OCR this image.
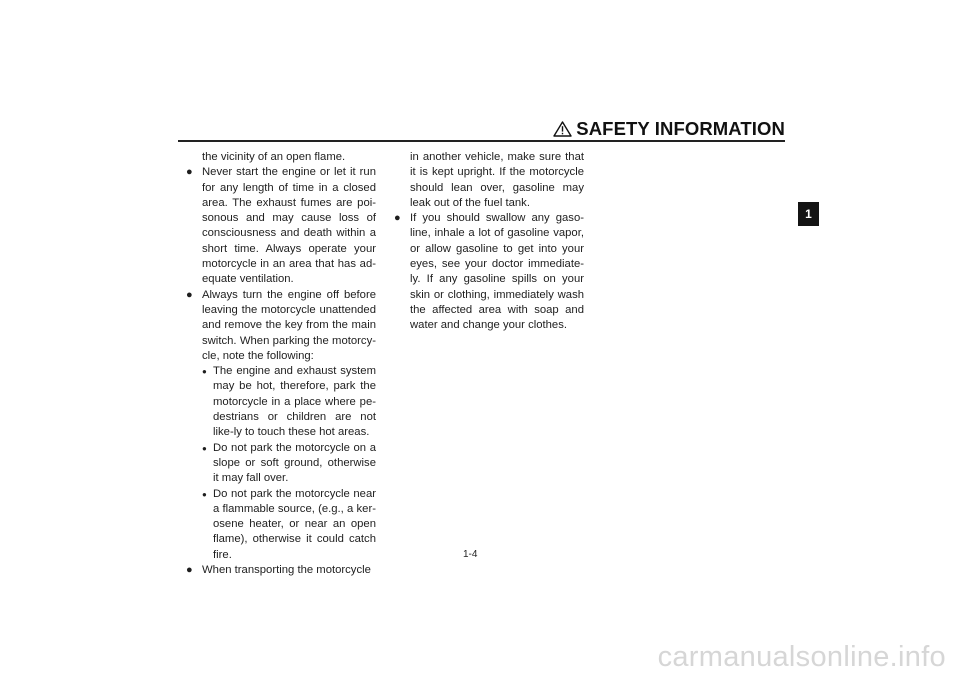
SAFETY INFORMATION
the vicinity of an open flame.
● Never start the engine or let it run for any length of time in a closed area. The exhaust fumes are poi-sonous and may cause loss of consciousness and death within a short time. Always operate your motorcycle in an area that has ad-equate ventilation.
● Always turn the engine off before leaving the motorcycle unattended and remove the key from the main switch. When parking the motorcy-cle, note the following:
● The engine and exhaust system may be hot, therefore, park the motorcycle in a place where pe-destrians or children are not like-ly to touch these hot areas.
● Do not park the motorcycle on a slope or soft ground, otherwise it may fall over.
● Do not park the motorcycle near a flammable source, (e.g., a ker-osene heater, or near an open flame), otherwise it could catch fire.
● When transporting the motorcycle
in another vehicle, make sure that it is kept upright. If the motorcycle should lean over, gasoline may leak out of the fuel tank.
● If you should swallow any gaso-line, inhale a lot of gasoline vapor, or allow gasoline to get into your eyes, see your doctor immediate-ly. If any gasoline spills on your skin or clothing, immediately wash the affected area with soap and water and change your clothes.
1
1-4
carmanualsonline.info
